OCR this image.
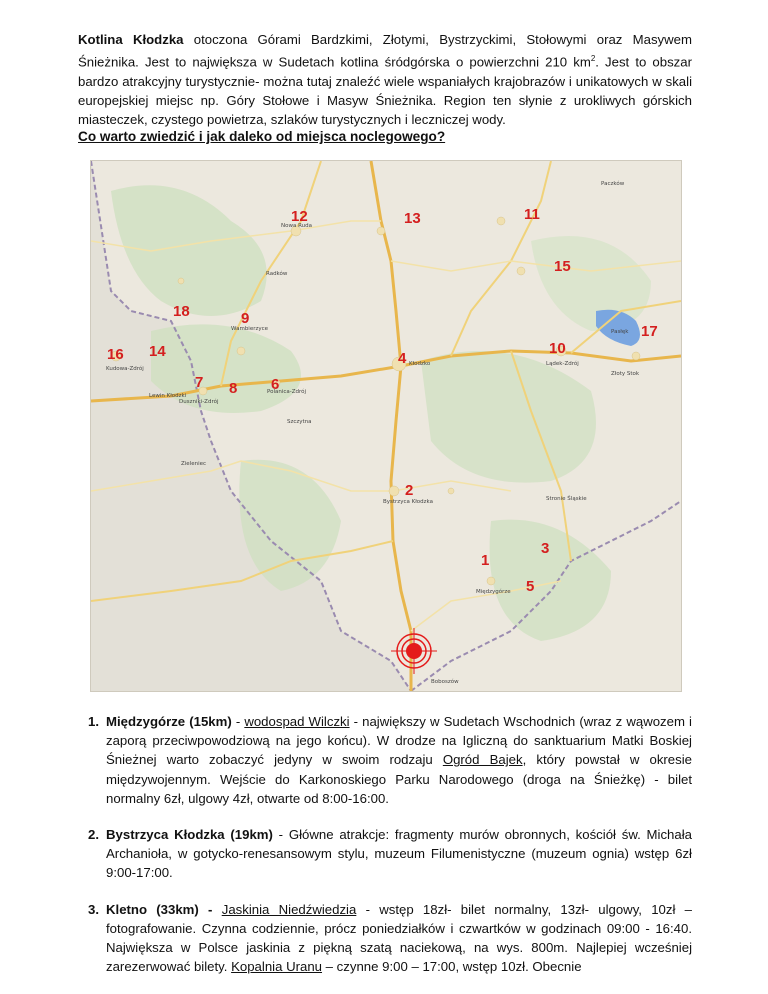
Kotlina Kłodzka otoczona Górami Bardzkimi, Złotymi, Bystrzyckimi, Stołowymi oraz Masywem Śnieżnika. Jest to największa w Sudetach kotlina śródgórska o powierzchni 210 $km^2$. Jest to obszar bardzo atrakcyjny turystycznie- można tutaj znaleźć wiele wspaniałych krajobrazów i unikatowych w skali europejskiej miejsc np. Góry Stołowe i Masyw Śnieżnika. Region ten słynie z urokliwych górskich miasteczek, czystego powietrza, szlaków turystycznych i leczniczej wody.

Co warto zwiedzić i jak daleko od miejsca noclegowego?

Kudowa-Zdrój
Duszniki-Zdrój
Polanica-Zdrój
Kłodzko
Bystrzyca Kłodzka
Międzygórze
Stronie Śląskie
Lądek-Zdrój
Złoty Stok
Nowa Ruda
Radków
Wambierzyce
Szczytna
Lewin Kłodzki
Pasłęk
Zieleniec
Boboszów
Paczków
1
2
3
4
5
6
7 8
9
10
11
12	13
14
15
16
17
18
1. Międzygórze (15km) - wodospad Wilczki - największy w Sudetach Wschodnich (wraz z wąwozem i zaporą przeciwpowodziową na jego końcu). W drodze na Igliczną do sanktuarium Matki Boskiej Śnieżnej warto zobaczyć jedyny w swoim rodzaju Ogród Bajek, który powstał w okresie międzywojennym. Wejście do Karkonoskiego Parku Narodowego (droga na Śnieżkę) - bilet normalny 6zł, ulgowy 4zł, otwarte od 8:00-16:00.
2. Bystrzyca Kłodzka (19km) - Główne atrakcje: fragmenty murów obronnych, kościół św. Michała Archanioła, w gotycko-renesansowym stylu, muzeum Filumenistyczne (muzeum ognia) wstęp 6zł 9:00-17:00.
3. Kletno (33km) - Jaskinia Niedźwiedzia - wstęp 18zł- bilet normalny, 13zł- ulgowy, 10zł – fotografowanie. Czynna codziennie, prócz poniedziałków i czwartków w godzinach 09:00 - 16:40. Największa w Polsce jaskinia z piękną szatą naciekową, na wys. 800m. Najlepiej wcześniej zarezerwować bilety. Kopalnia Uranu – czynne 9:00 – 17:00, wstęp 10zł. Obecnie
